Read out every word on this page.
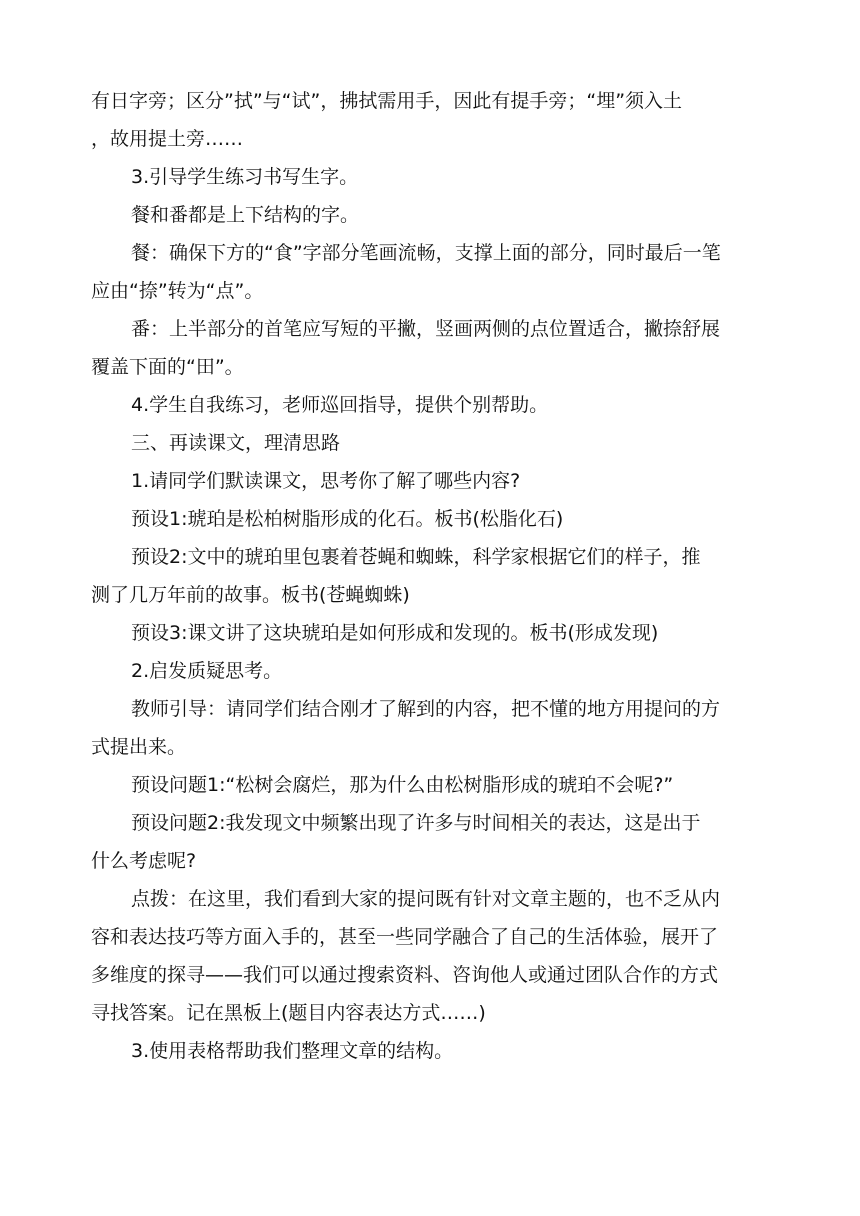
有日字旁；区分”拭”与“试”，拂拭需用手，因此有提手旁；“埋”须入土

，故用提土旁……

3.引导学生练习书写生字。

餐和番都是上下结构的字。

餐：确保下方的“食”字部分笔画流畅，支撑上面的部分，同时最后一笔

应由“捺”转为“点”。

番：上半部分的首笔应写短的平撇，竖画两侧的点位置适合，撇捺舒展

覆盖下面的“田”。

4.学生自我练习，老师巡回指导，提供个别帮助。

三、再读课文，理清思路

1.请同学们默读课文，思考你了解了哪些内容?

预设1:琥珀是松柏树脂形成的化石。板书(松脂化石)

预设2:文中的琥珀里包裹着苍蝇和蜘蛛，科学家根据它们的样子，推

测了几万年前的故事。板书(苍蝇蜘蛛)

预设3:课文讲了这块琥珀是如何形成和发现的。板书(形成发现)

2.启发质疑思考。

教师引导：请同学们结合刚才了解到的内容，把不懂的地方用提问的方

式提出来。

预设问题1:“松树会腐烂，那为什么由松树脂形成的琥珀不会呢?”

预设问题2:我发现文中频繁出现了许多与时间相关的表达，这是出于

什么考虑呢?

点拨：在这里，我们看到大家的提问既有针对文章主题的，也不乏从内

容和表达技巧等方面入手的，甚至一些同学融合了自己的生活体验，展开了

多维度的探寻——我们可以通过搜索资料、咨询他人或通过团队合作的方式

寻找答案。记在黑板上(题目内容表达方式……)

3.使用表格帮助我们整理文章的结构。
